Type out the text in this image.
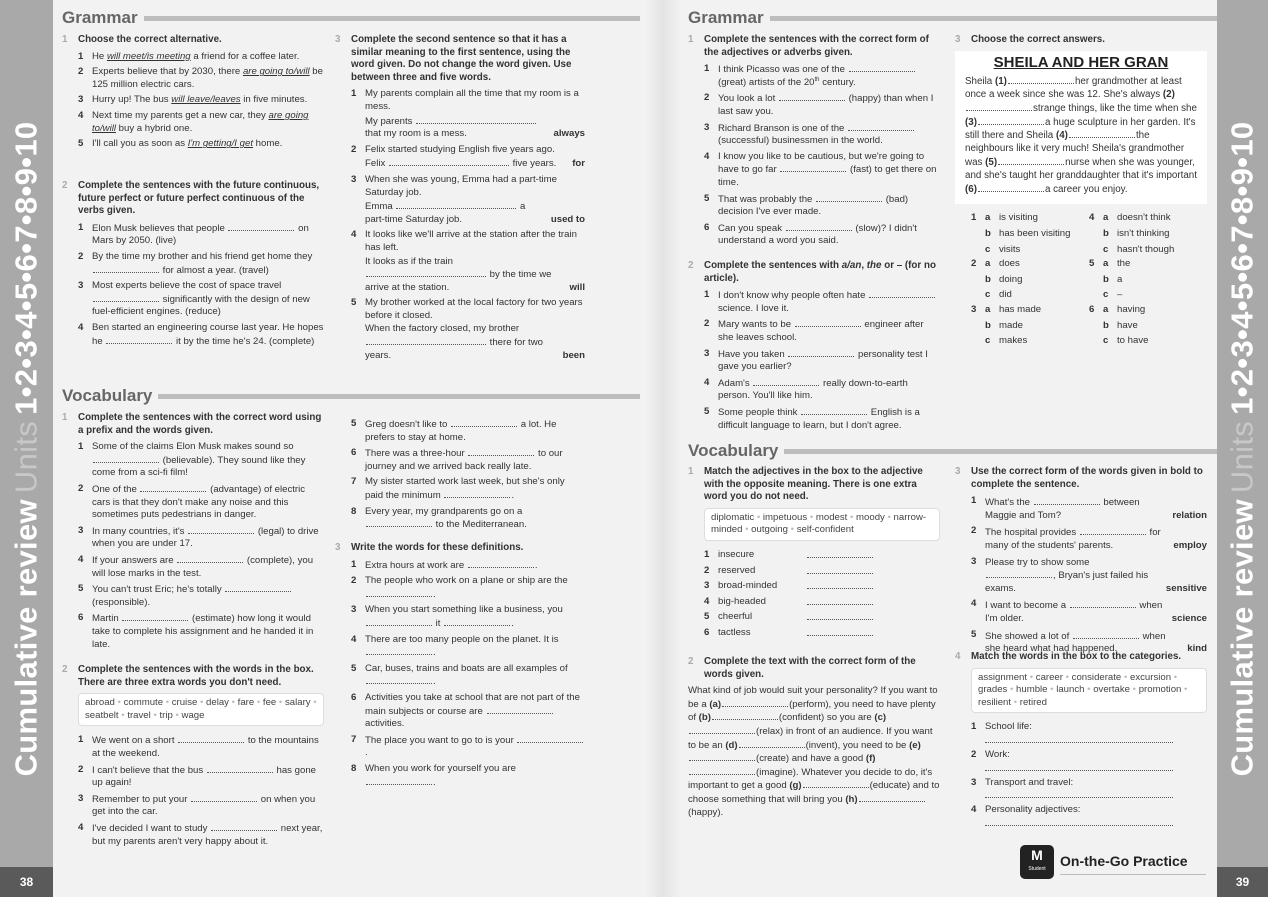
Cumulative reviewUnits1•2•3•4•5•6•7•8•9•10
38
Cumulative reviewUnits1•2•3•4•5•6•7•8•9•10
39
Grammar
Vocabulary
Grammar
Vocabulary
1	Choose the correct alternative.
1 He will meet/is meeting a friend for a coffee later.
2 Experts believe that by 2030, there are going to/will be 125 million electric cars.
3 Hurry up! The bus will leave/leaves in five minutes.
4 Next time my parents get a new car, they are going to/will buy a hybrid one.
5 I'll call you as soon as I'm getting/I get home.
2	Complete the sentences with the future continuous, future perfect or future perfect continuous of the verbs given.
1 Elon Musk believes that people	on Mars by 2050. (live)
2 By the time my brother and his friend get home they  for almost a year. (travel)
3 Most experts believe the cost of space travel  significantly with the design of new fuel-efficient engines. (reduce)
4 Ben started an engineering course last year. He hopes he	it by the time he's 24. (complete)
3	Complete the second sentence so that it has a similar meaning to the first sentence, using the word given. Do not change the word given. Use between three and five words.
1 My parents complain all the time that my room is a mess.
My parents  that my room is a mess.	always
2 Felix started studying English five years ago.
Felix	five years.	for
3 When she was young, Emma had a part-time Saturday job.
Emma	a part-time Saturday job.	used to
4 It looks like we'll arrive at the station after the train has left.
It looks as if the train  by the time we arrive at the station.	will
5 My brother worked at the local factory for two years before it closed.
When the factory closed, my brother  there for two years.	been
1	Complete the sentences with the correct word using a prefix and the words given.
1 Some of the claims Elon Musk makes sound so  (believable). They sound like they come from a sci-fi film!
2 One of the	(advantage) of electric cars is that they don't make any noise and this sometimes puts pedestrians in danger.
3 In many countries, it's	(legal) to drive when you are under 17.
4 If your answers are	(complete), you will lose marks in the test.
5 You can't trust Eric; he's totally  (responsible).
6 Martin	(estimate) how long it would take to complete his assignment and he handed it in late.
2	Complete the sentences with the words in the box. There are three extra words you don't need.
abroad • commute • cruise • delay • fare • fee • salary• seatbelt • travel • trip • wage
1 We went on a short	to the mountains at the weekend.
2 I can't believe that the bus	has gone up again!
3 Remember to put your	on when you get into the car.
4 I've decided I want to study	next year, but my parents aren't very happy about it.
5 Greg doesn't like to	a lot. He prefers to stay at home.
6 There was a three-hour	to our journey and we arrived back really late.
7 My sister started work last week, but she's only paid the minimum	.
8 Every year, my grandparents go on a  to the Mediterranean.
3	Write the words for these definitions.
1 Extra hours at work are	.
2 The people who work on a plane or ship are the .
3 When you start something like a business, you  it	.
4 There are too many people on the planet. It is .
5 Car, buses, trains and boats are all examples of .
6 Activities you take at school that are not part of the main subjects or course are  activities.
7 The place you want to go to is your .
8 When you work for yourself you are .
1	Complete the sentences with the correct form of the adjectives or adverbs given.
1 I think Picasso was one of the  (great) artists of the 20th century.
2 You look a lot	(happy) than when I last saw you.
3 Richard Branson is one of the  (successful) businessmen in the world.
4 I know you like to be cautious, but we're going to have to go far	(fast) to get there on time.
5 That was probably the	(bad) decision I've ever made.
6 Can you speak	(slow)? I didn't understand a word you said.
2	Complete the sentences with a/an, the or – (for no article).
1 I don't know why people often hate  science. I love it.
2 Mary wants to be	engineer after she leaves school.
3 Have you taken	personality test I gave you earlier?
4 Adam's	really down-to-earth person. You'll like him.
5 Some people think	English is a difficult language to learn, but I don't agree.
3	Choose the correct answers.
SHEILA AND HER GRAN
Sheila (1)	her grandmother at least once a week since she was 12. She's always (2)strange things, like the time when she (3)	a huge sculpture in her garden. It's still there and Sheila (4)	the neighbours like it very much! Sheila's grandmother was (5)	nurse when she was younger, and she's taught her granddaughter that it's important (6)	a career you enjoy.
1 a is visiting
b has been visiting
c visits
4 a doesn't think
b isn't thinking
c hasn't though
2 a does
b doing
c did
5 a the
b a
c –
3 a has made
b made
c makes
6 a having
b have
c to have
1	Match the adjectives in the box to the adjective with the opposite meaning. There is one extra word you do not need.
diplomatic • impetuous • modest • moody • narrow-minded • outgoing • self-confident
1 insecure
2 reserved
3 broad-minded
4 big-headed
5 cheerful
6 tactless
2	Complete the text with the correct form of the words given.
What kind of job would suit your personality? If you want to be a (a)	(perform), you need to have plenty of (b)	(confident) so you are (c)(relax) in front of an audience. If you want to be an (d)	(invent), you need to be (e)(create) and have a good (f)(imagine). Whatever you decide to do, it's important to get a good (g)	(educate) and to choose something that will bring you (h)(happy).
3	Use the correct form of the words given in bold to complete the sentence.
1 What's the	between Maggie and Tom?	relation
2 The hospital provides	for many of the students' parents.	employ
3 Please try to show some , Bryan's just failed his exams.	sensitive
4 I want to become a	when I'm older.	science
5 She showed a lot of	when she heard what had happened.	kind
4	Match the words in the box to the categories.
assignment • career • considerate • excursion• grades • humble • launch • overtake • promotion• resilient • retired
1 School life:
2 Work:
3 Transport and travel:
4 Personality adjectives:
M
Student
On-the-Go Practice
